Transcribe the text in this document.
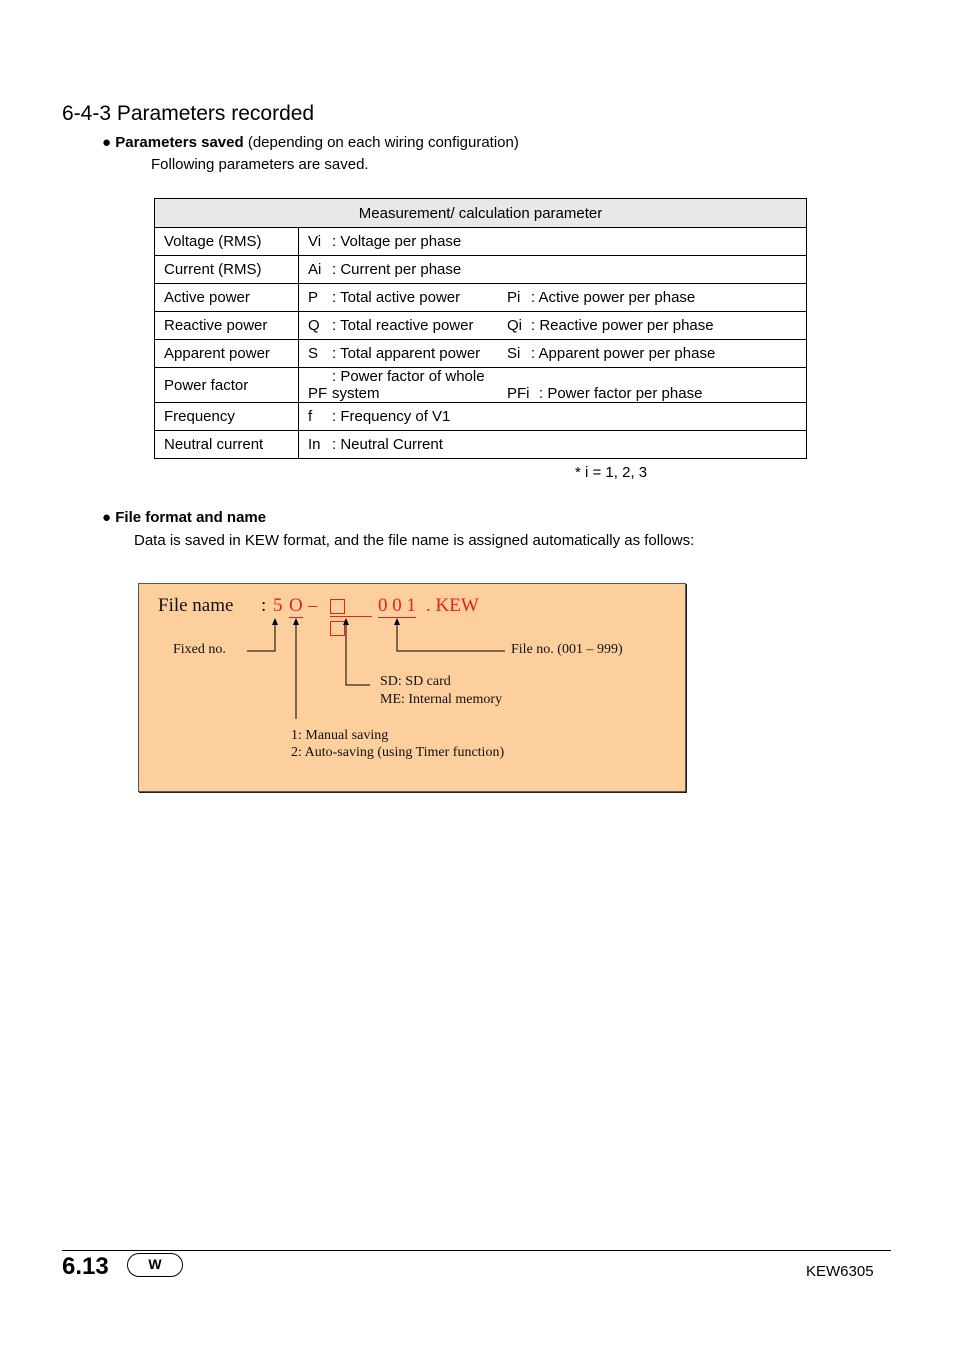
6-4-3 Parameters recorded
● Parameters saved (depending on each wiring configuration)
Following parameters are saved.
Measurement/ calculation parameter	
Voltage (RMS)	Vi : Voltage per phase
Current (RMS)	Ai : Current per phase
Active power	P : Total active power Pi : Active power per phase
Reactive power	Q : Total reactive power Qi : Reactive power per phase
Apparent power	S : Total apparent power Si : Apparent power per phase
Power factor	PF: Power factor of whole system PFi : Power factor per phase
Frequency	f : Frequency of V1
Neutral current	In : Neutral Current
* i = 1, 2, 3
● File format and name
Data is saved in KEW format, and the file name is assigned automatically as follows:
File name : 5 O –	0 0 1 . KEW
Fixed no.	File no. (001 – 999)
SD: SD card
ME: Internal memory
1: Manual saving
2: Auto-saving (using Timer function)
6.13	W	KEW6305
